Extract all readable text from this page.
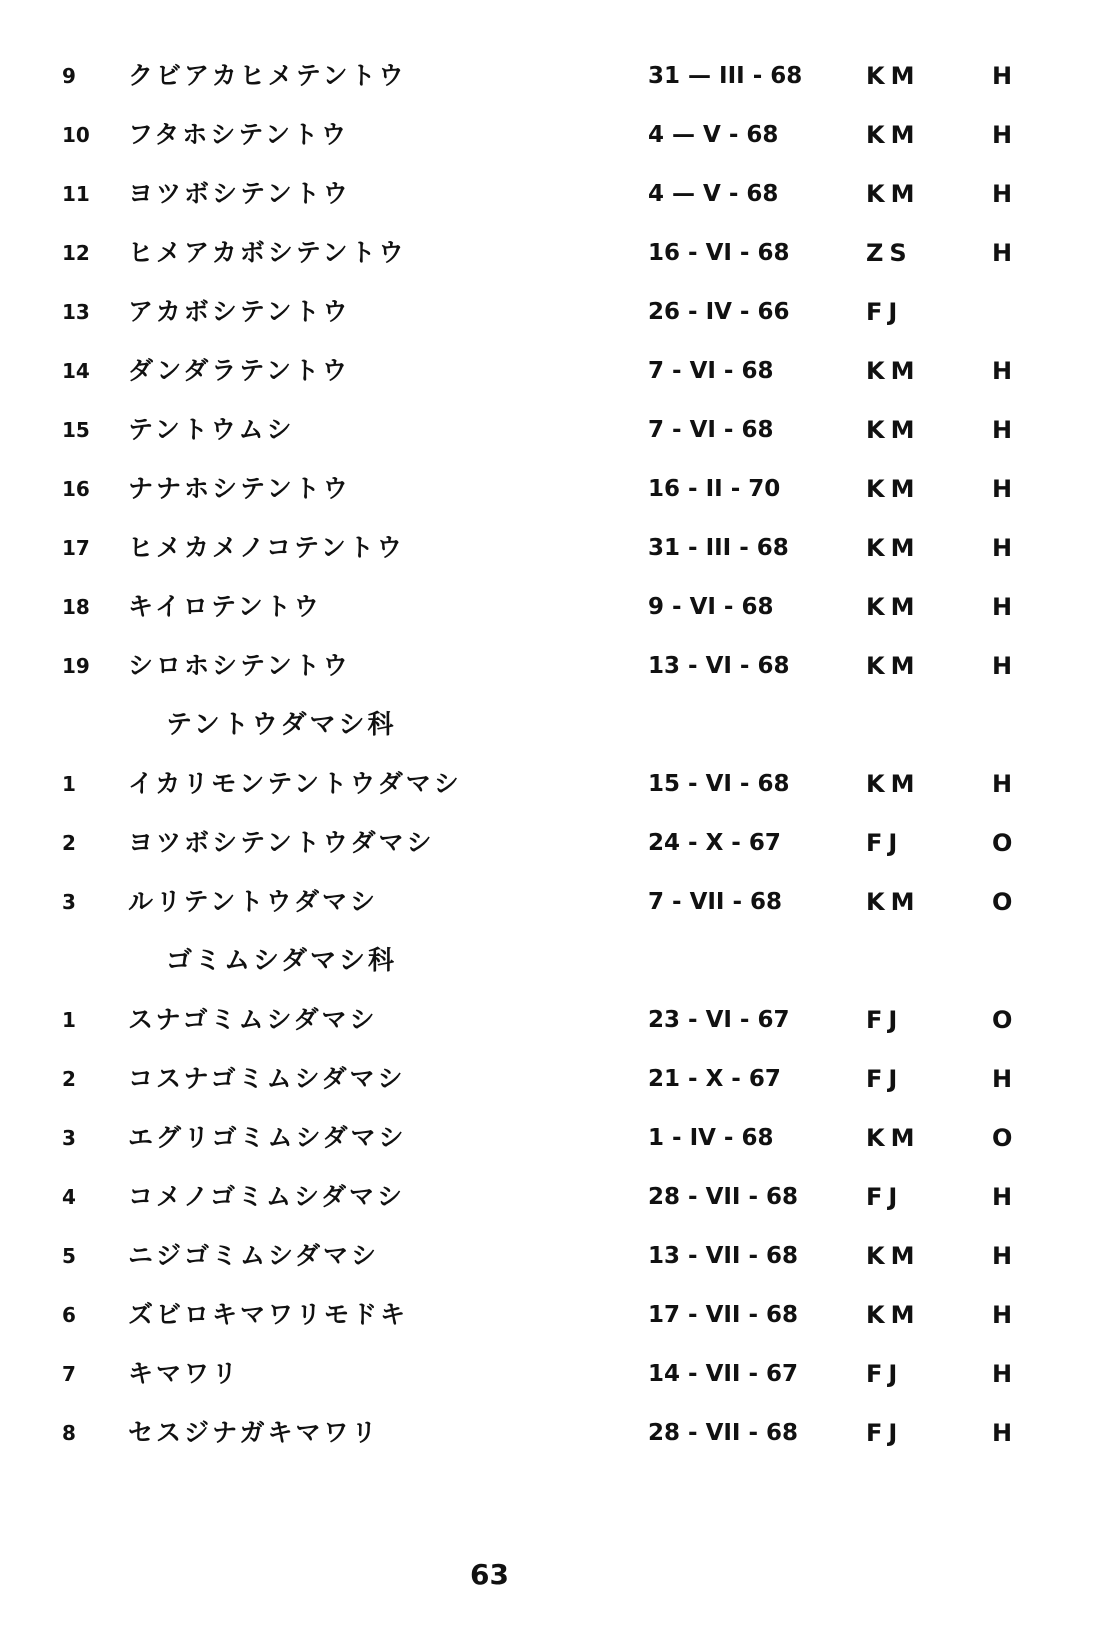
9	クビアカヒメテントウ	31 — III - 68	KM	H
10	フタホシテントウ	4 — V - 68	KM	H
11	ヨツボシテントウ	4 — V - 68	KM	H
12	ヒメアカボシテントウ	16 - VI - 68	ZS	H
13	アカボシテントウ	26 - IV - 66	FJ
14	ダンダラテントウ	7 - VI - 68	KM	H
15	テントウムシ	7 - VI - 68	KM	H
16	ナナホシテントウ	16 - II - 70	KM	H
17	ヒメカメノコテントウ	31 - III - 68	KM	H
18	キイロテントウ	9 - VI - 68	KM	H
19	シロホシテントウ	13 - VI - 68	KM	H
テントウダマシ科
1	イカリモンテントウダマシ	15 - VI - 68	KM	H
2	ヨツボシテントウダマシ	24 - X - 67	FJ	O
3	ルリテントウダマシ	7 - VII - 68	KM	O
ゴミムシダマシ科
1	スナゴミムシダマシ	23 - VI - 67	FJ	O
2	コスナゴミムシダマシ	21 - X - 67	FJ	H
3	エグリゴミムシダマシ	1 - IV - 68	KM	O
4	コメノゴミムシダマシ	28 - VII - 68	FJ	H
5	ニジゴミムシダマシ	13 - VII - 68	KM	H
6	ズビロキマワリモドキ	17 - VII - 68	KM	H
7	キマワリ	14 - VII - 67	FJ	H
8	セスジナガキマワリ	28 - VII - 68	FJ	H
63
